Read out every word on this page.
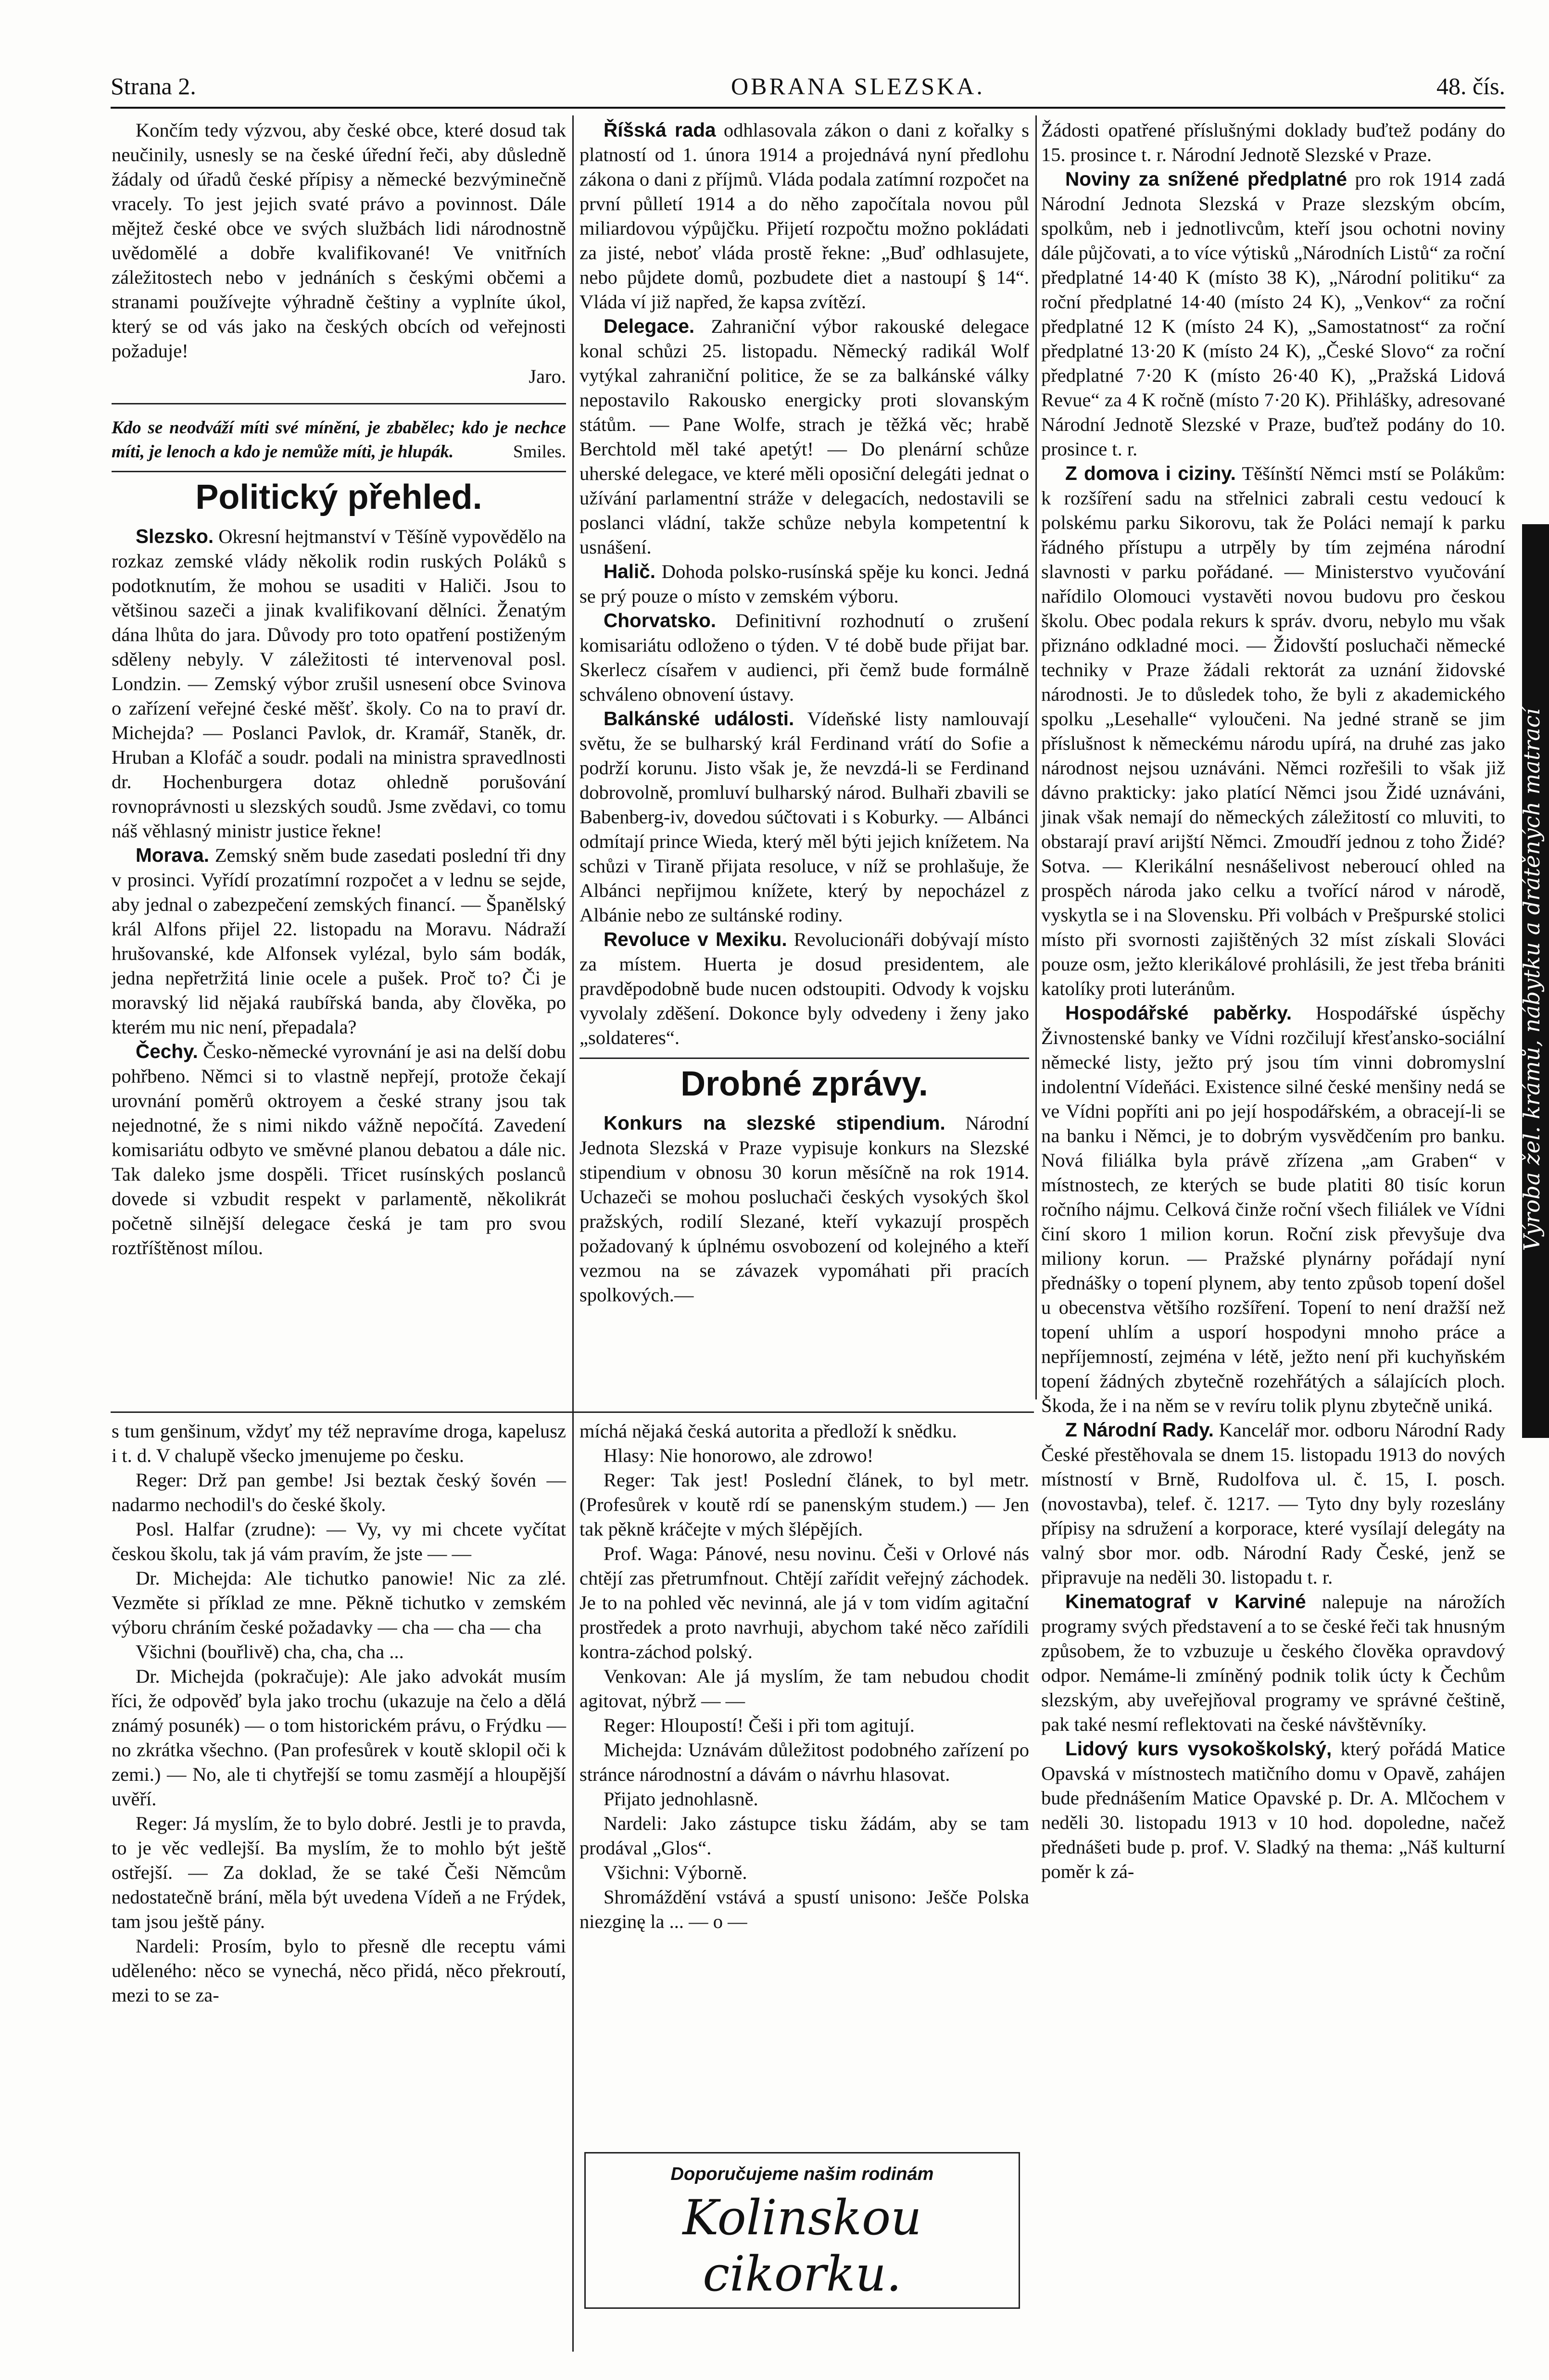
Strana 2.	OBRANA SLEZSKA.	48. čís.

Končím tedy výzvou, aby české obce, které dosud tak neučinily, usnesly se na české úřední řeči, aby důsledně žádaly od úřadů české přípisy a německé bezvýminečně vracely. To jest jejich svaté právo a povinnost. Dále mějtež české obce ve svých službách lidi národnostně uvědomělé a dobře kvalifikované! Ve vnitřních záležitostech nebo v jednáních s českými občemi a stranami používejte výhradně češtiny a vyplníte úkol, který se od vás jako na českých obcích od veřejnosti požaduje!

Jaro.
Kdo se neodváží míti své mínění, je zbabělec; kdo je nechce míti, je lenoch a kdo je nemůže míti, je hlupák.	Smiles.
Politický přehled.

Slezsko. Okresní hejtmanství v Těšíně vypovědělo na rozkaz zemské vlády několik rodin ruských Poláků s podotknutím, že mohou se usaditi v Haliči. Jsou to většinou sazeči a jinak kvalifikovaní dělníci. Ženatým dána lhůta do jara. Důvody pro toto opatření postiženým sděleny nebyly. V záležitosti té intervenoval posl. Londzin. — Zemský výbor zrušil usnesení obce Svinova o zařízení veřejné české měšť. školy. Co na to praví dr. Michejda? — Poslanci Pavlok, dr. Kramář, Staněk, dr. Hruban a Klofáč a soudr. podali na ministra spravedlnosti dr. Hochenburgera dotaz ohledně porušování rovnoprávnosti u slezských soudů. Jsme zvědavi, co tomu náš věhlasný ministr justice řekne!

Morava. Zemský sněm bude zasedati poslední tři dny v prosinci. Vyřídí prozatímní rozpočet a v lednu se sejde, aby jednal o zabezpečení zemských financí. — Španělský král Alfons přijel 22. listopadu na Moravu. Nádraží hrušovanské, kde Alfonsek vylézal, bylo sám bodák, jedna nepřetržitá linie ocele a pušek. Proč to? Či je moravský lid nějaká raubířská banda, aby člověka, po kterém mu nic není, přepadala?

Čechy. Česko-německé vyrovnání je asi na delší dobu pohřbeno. Němci si to vlastně nepřejí, protože čekají urovnání poměrů oktroyem a české strany jsou tak nejednotné, že s nimi nikdo vážně nepočítá. Zavedení komisariátu odbyto ve směvné planou debatou a dále nic. Tak daleko jsme dospěli. Třicet rusínských poslanců dovede si vzbudit respekt v parlamentě, několikrát početně silnější delegace česká je tam pro svou roztříštěnost mílou.

Říšská rada odhlasovala zákon o dani z kořalky s platností od 1. února 1914 a projednává nyní předlohu zákona o dani z příjmů. Vláda podala zatímní rozpočet na první půlletí 1914 a do něho započítala novou půl miliardovou výpůjčku. Přijetí rozpočtu možno pokládati za jisté, neboť vláda prostě řekne: „Buď odhlasujete, nebo půjdete domů, pozbudete diet a nastoupí § 14“. Vláda ví již napřed, že kapsa zvítězí.

Delegace. Zahraniční výbor rakouské delegace konal schůzi 25. listopadu. Německý radikál Wolf vytýkal zahraniční politice, že se za balkánské války nepostavilo Rakousko energicky proti slovanským státům. — Pane Wolfe, strach je těžká věc; hrabě Berchtold měl také apetýt! — Do plenární schůze uherské delegace, ve které měli oposiční delegáti jednat o užívání parlamentní stráže v delegacích, nedostavili se poslanci vládní, takže schůze nebyla kompetentní k usnášení.

Halič. Dohoda polsko-rusínská spěje ku konci. Jedná se prý pouze o místo v zemském výboru.

Chorvatsko. Definitivní rozhodnutí o zrušení komisariátu odloženo o týden. V té době bude přijat bar. Skerlecz císařem v audienci, při čemž bude formálně schváleno obnovení ústavy.

Balkánské události. Vídeňské listy namlouvají světu, že se bulharský král Ferdinand vrátí do Sofie a podrží korunu. Jisto však je, že nevzdá-li se Ferdinand dobrovolně, promluví bulharský národ. Bulhaři zbavili se Babenberg-iv, dovedou súčtovati i s Koburky. — Albánci odmítají prince Wieda, který měl býti jejich knížetem. Na schůzi v Tiraně přijata resoluce, v níž se prohlašuje, že Albánci nepřijmou knížete, který by nepocházel z Albánie nebo ze sultánské rodiny.

Revoluce v Mexiku. Revolucionáři dobývají místo za místem. Huerta je dosud presidentem, ale pravděpodobně bude nucen odstoupiti. Odvody k vojsku vyvolaly zděšení. Dokonce byly odvedeny i ženy jako „soldateres“.

Drobné zprávy.

Konkurs na slezské stipendium. Národní Jednota Slezská v Praze vypisuje konkurs na Slezské stipendium v obnosu 30 korun měsíčně na rok 1914. Uchazeči se mohou posluchači českých vysokých škol pražských, rodilí Slezané, kteří vykazují prospěch požadovaný k úplnému osvobození od kolejného a kteří vezmou na se závazek vypomáhati při pracích spolkových.—

Žádosti opatřené příslušnými doklady buďtež podány do 15. prosince t. r. Národní Jednotě Slezské v Praze.

Noviny za snížené předplatné pro rok 1914 zadá Národní Jednota Slezská v Praze slezským obcím, spolkům, neb i jednotlivcům, kteří jsou ochotni noviny dále půjčovati, a to více výtisků „Národních Listů“ za roční předplatné 14·40 K (místo 38 K), „Národní politiku“ za roční předplatné 14·40 (místo 24 K), „Venkov“ za roční předplatné 12 K (místo 24 K), „Samostatnost“ za roční předplatné 13·20 K (místo 24 K), „České Slovo“ za roční předplatné 7·20 K (místo 26·40 K), „Pražská Lidová Revue“ za 4 K ročně (místo 7·20 K). Přihlášky, adresované Národní Jednotě Slezské v Praze, buďtež podány do 10. prosince t. r.

Z domova i ciziny. Těšínští Němci mstí se Polákům: k rozšíření sadu na střelnici zabrali cestu vedoucí k polskému parku Sikorovu, tak že Poláci nemají k parku řádného přístupu a utrpěly by tím zejména národní slavnosti v parku pořádané. — Ministerstvo vyučování nařídilo Olomouci vystavěti novou budovu pro českou školu. Obec podala rekurs k správ. dvoru, nebylo mu však přiznáno odkladné moci. — Židovští posluchači německé techniky v Praze žádali rektorát za uznání židovské národnosti. Je to důsledek toho, že byli z akademického spolku „Lesehalle“ vyloučeni. Na jedné straně se jim příslušnost k německému národu upírá, na druhé zas jako národnost nejsou uznáváni. Němci rozřešili to však již dávno prakticky: jako platící Němci jsou Židé uznáváni, jinak však nemají do německých záležitostí co mluviti, to obstarají praví arijští Němci. Zmoudří jednou z toho Židé? Sotva. — Klerikální nesnášelivost neberoucí ohled na prospěch národa jako celku a tvořící národ v národě, vyskytla se i na Slovensku. Při volbách v Prešpurské stolici místo při svornosti zajištěných 32 míst získali Slováci pouze osm, ježto klerikálové prohlásili, že jest třeba brániti katolíky proti luteránům.

Hospodářské paběrky. Hospodářské úspěchy Živnostenské banky ve Vídni rozčilují křesťansko-sociální německé listy, ježto prý jsou tím vinni dobromyslní indolentní Vídeňáci. Existence silné české menšiny nedá se ve Vídni popříti ani po její hospodářském, a obracejí-li se na banku i Němci, je to dobrým vysvědčením pro banku. Nová filiálka byla právě zřízena „am Graben“ v místnostech, ze kterých se bude platiti 80 tisíc korun ročního nájmu. Celková činže roční všech filiálek ve Vídni činí skoro 1 milion korun. Roční zisk převyšuje dva miliony korun. — Pražské plynárny pořádají nyní přednášky o topení plynem, aby tento způsob topení došel u obecenstva většího rozšíření. Topení to není dražší než topení uhlím a usporí hospodyni mnoho práce a nepříjemností, zejména v létě, ježto není při kuchyňském topení žádných zbytečně rozehřátých a sálajících ploch. Škoda, že i na něm se v revíru tolik plynu zbytečně uniká.

Z Národní Rady. Kancelář mor. odboru Národní Rady České přestěhovala se dnem 15. listopadu 1913 do nových místností v Brně, Rudolfova ul. č. 15, I. posch. (novostavba), telef. č. 1217. — Tyto dny byly rozeslány přípisy na sdružení a korporace, které vysílají delegáty na valný sbor mor. odb. Národní Rady České, jenž se připravuje na neděli 30. listopadu t. r.

Kinematograf v Karviné nalepuje na nárožích programy svých představení a to se české řeči tak hnusným způsobem, že to vzbuzuje u českého člověka opravdový odpor. Nemáme-li zmíněný podnik tolik úcty k Čechům slezským, aby uveřejňoval programy ve správné češtině, pak také nesmí reflektovati na české návštěvníky.

Lidový kurs vysokoškolský, který pořádá Matice Opavská v místnostech matičního domu v Opavě, zahájen bude přednášením Matice Opavské p. Dr. A. Mlčochem v neděli 30. listopadu 1913 v 10 hod. dopoledne, načež přednášeti bude p. prof. V. Sladký na thema: „Náš kulturní poměr k zá-

s tum genšinum, vždyť my též nepravíme droga, kapelusz i t. d. V chalupě všecko jmenujeme po česku.

Reger: Drž pan gembe! Jsi beztak český šovén — nadarmo nechodil's do české školy.

Posl. Halfar (zrudne): — Vy, vy mi chcete vyčítat českou školu, tak já vám pravím, že jste — —

Dr. Michejda: Ale tichutko panowie! Nic za zlé. Vezměte si příklad ze mne. Pěkně tichutko v zemském výboru chráním české požadavky — cha — cha — cha

Všichni (bouřlivě) cha, cha, cha ...

Dr. Michejda (pokračuje): Ale jako advokát musím říci, že odpověď byla jako trochu (ukazuje na čelo a dělá známý posunék) — o tom historickém právu, o Frýdku — no zkrátka všechno. (Pan profesůrek v koutě sklopil oči k zemi.) — No, ale ti chytřejší se tomu zasmějí a hloupější uvěří.

Reger: Já myslím, že to bylo dobré. Jestli je to pravda, to je věc vedlejší. Ba myslím, že to mohlo být ještě ostřejší. — Za doklad, že se také Češi Němcům nedostatečně brání, měla být uvedena Vídeň a ne Frýdek, tam jsou ještě pány.

Nardeli: Prosím, bylo to přesně dle receptu vámi uděleného: něco se vynechá, něco přidá, něco překroutí, mezi to se za-

míchá nějaká česká autorita a předloží k snědku.

Hlasy: Nie honorowo, ale zdrowo!

Reger: Tak jest! Poslední článek, to byl metr. (Profesůrek v koutě rdí se panenským studem.) — Jen tak pěkně kráčejte v mých šlépějích.

Prof. Waga: Pánové, nesu novinu. Češi v Orlové nás chtějí zas přetrumfnout. Chtějí zařídit veřejný záchodek. Je to na pohled věc nevinná, ale já v tom vidím agitační prostředek a proto navrhuji, abychom také něco zařídili kontra-záchod polský.

Venkovan: Ale já myslím, že tam nebudou chodit agitovat, nýbrž — —

Reger: Hloupostí! Češi i při tom agitují.

Michejda: Uznávám důležitost podobného zařízení po stránce národnostní a dávám o návrhu hlasovat.

Přijato jednohlasně.

Nardeli: Jako zástupce tisku žádám, aby se tam prodával „Glos“.

Všichni: Výborně.

Shromáždění vstává a spustí unisono: Ješče Polska niezginę la ... — o —

Doporučujeme našim rodinám
Kolinskou cikorku.
Výroba žel. krámů, nábytku a drátěných matrací
